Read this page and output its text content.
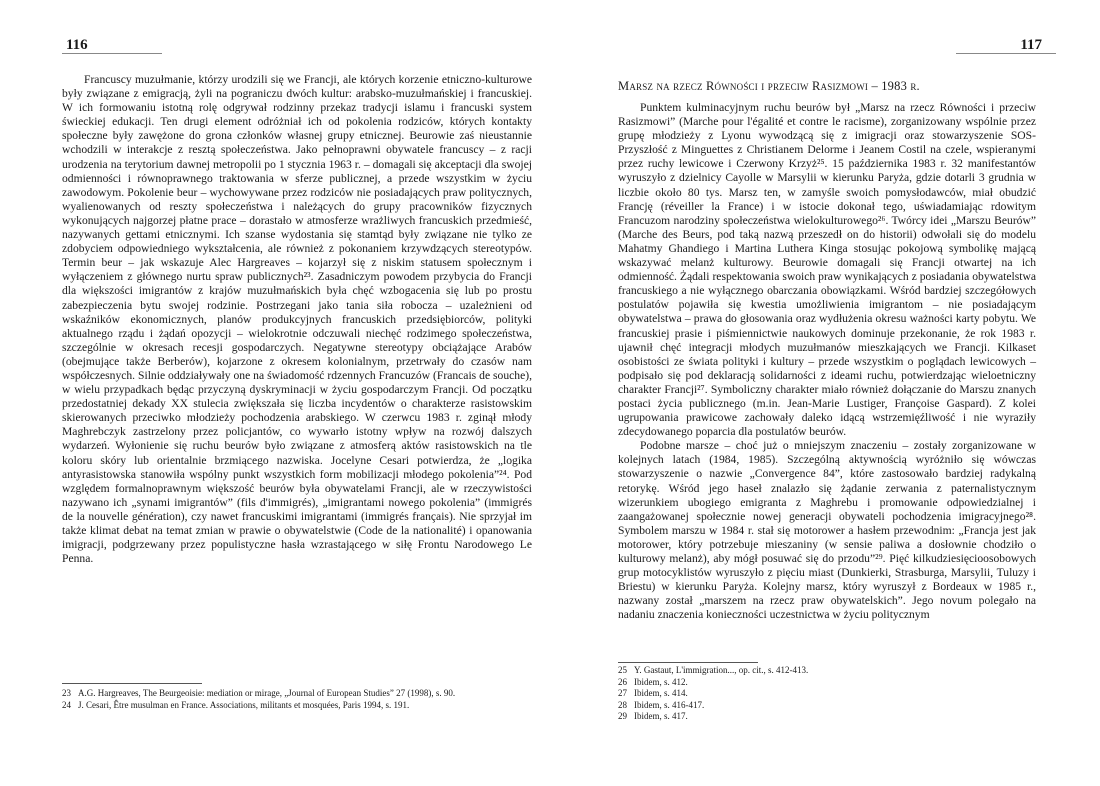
116

Francuscy muzułmanie, którzy urodzili się we Francji, ale których korzenie etniczno-kulturowe były związane z emigracją, żyli na pograniczu dwóch kultur: arabsko-muzułmańskiej i francuskiej. W ich formowaniu istotną rolę odgrywał rodzinny przekaz tradycji islamu i francuski system świeckiej edukacji. Ten drugi element odróżniał ich od pokolenia rodziców, których kontakty społeczne były zawężone do grona członków własnej grupy etnicznej. Beurowie zaś nieustannie wchodzili w interakcje z resztą społeczeństwa. Jako pełnoprawni obywatele francuscy – z racji urodzenia na terytorium dawnej metropolii po 1 stycznia 1963 r. – domagali się akceptacji dla swojej odmienności i równoprawnego traktowania w sferze publicznej, a przede wszystkim w życiu zawodowym. Pokolenie beur – wychowywane przez rodziców nie posiadających praw politycznych, wyalienowanych od reszty społeczeństwa i należących do grupy pracowników fizycznych wykonujących najgorzej płatne prace – dorastało w atmosferze wrażliwych francuskich przedmieść, nazywanych gettami etnicznymi. Ich szanse wydostania się stamtąd były związane nie tylko ze zdobyciem odpowiedniego wykształcenia, ale również z pokonaniem krzywdzących stereotypów. Termin beur – jak wskazuje Alec Hargreaves – kojarzył się z niskim statusem społecznym i wyłączeniem z głównego nurtu spraw publicznych²³. Zasadniczym powodem przybycia do Francji dla większości imigrantów z krajów muzułmańskich była chęć wzbogacenia się lub po prostu zabezpieczenia bytu swojej rodzinie. Postrzegani jako tania siła robocza – uzależnieni od wskaźników ekonomicznych, planów produkcyjnych francuskich przedsiębiorców, polityki aktualnego rządu i żądań opozycji – wielokrotnie odczuwali niechęć rodzimego społeczeństwa, szczególnie w okresach recesji gospodarczych. Negatywne stereotypy obciążające Arabów (obejmujące także Berberów), kojarzone z okresem kolonialnym, przetrwały do czasów nam współczesnych. Silnie oddziaływały one na świadomość rdzennych Francuzów (Francais de souche), w wielu przypadkach będąc przyczyną dyskryminacji w życiu gospodarczym Francji. Od początku przedostatniej dekady XX stulecia zwiększała się liczba incydentów o charakterze rasistowskim skierowanych przeciwko młodzieży pochodzenia arabskiego. W czerwcu 1983 r. zginął młody Maghrebczyk zastrzelony przez policjantów, co wywarło istotny wpływ na rozwój dalszych wydarzeń. Wyłonienie się ruchu beurów było związane z atmosferą aktów rasistowskich na tle koloru skóry lub orientalnie brzmiącego nazwiska. Jocelyne Cesari potwierdza, że „logika antyrasistowska stanowiła wspólny punkt wszystkich form mobilizacji młodego pokolenia”²⁴. Pod względem formalnoprawnym większość beurów była obywatelami Francji, ale w rzeczywistości nazywano ich „synami imigrantów” (fils d'immigrés), „imigrantami nowego pokolenia” (immigrés de la nouvelle génération), czy nawet francuskimi imigrantami (immigrés français). Nie sprzyjał im także klimat debat na temat zmian w prawie o obywatelstwie (Code de la nationalité) i opanowania imigracji, podgrzewany przez populistyczne hasła wzrastającego w siłę Frontu Narodowego Le Penna.

23 A.G. Hargreaves, The Beurgeoisie: mediation or mirage, „Journal of European Studies” 27 (1998), s. 90.
24 J. Cesari, Être musulman en France. Associations, militants et mosquées, Paris 1994, s. 191.
117
Marsz na rzecz Równości i przeciw Rasizmowi – 1983 r.

Punktem kulminacyjnym ruchu beurów był „Marsz na rzecz Równości i przeciw Rasizmowi” (Marche pour l'égalité et contre le racisme), zorganizowany wspólnie przez grupę młodzieży z Lyonu wywodzącą się z imigracji oraz stowarzyszenie SOS-Przyszłość z Minguettes z Christianem Delorme i Jeanem Costil na czele, wspieranymi przez ruchy lewicowe i Czerwony Krzyż²⁵. 15 października 1983 r. 32 manifestantów wyruszyło z dzielnicy Cayolle w Marsylii w kierunku Paryża, gdzie dotarli 3 grudnia w liczbie około 80 tys. Marsz ten, w zamyśle swoich pomysłodawców, miał obudzić Francję (réveiller la France) i w istocie dokonał tego, uświadamiając rdowitym Francuzom narodziny społeczeństwa wielokulturowego²⁶. Twórcy idei „Marszu Beurów” (Marche des Beurs, pod taką nazwą przeszedł on do historii) odwołali się do modelu Mahatmy Ghandiego i Martina Luthera Kinga stosując pokojową symbolikę mającą wskazywać melanż kulturowy. Beurowie domagali się Francji otwartej na ich odmienność. Żądali respektowania swoich praw wynikających z posiadania obywatelstwa francuskiego a nie wyłącznego obarczania obowiązkami. Wśród bardziej szczegółowych postulatów pojawiła się kwestia umożliwienia imigrantom – nie posiadającym obywatelstwa – prawa do głosowania oraz wydłużenia okresu ważności karty pobytu. We francuskiej prasie i piśmiennictwie naukowych dominuje przekonanie, że rok 1983 r. ujawnił chęć integracji młodych muzułmanów mieszkających we Francji. Kilkaset osobistości ze świata polityki i kultury – przede wszystkim o poglądach lewicowych – podpisało się pod deklaracją solidarności z ideami ruchu, potwierdzając wielоetniczny charakter Francji²⁷. Symboliczny charakter miało również dołączanie do Marszu znanych postaci życia publicznego (m.in. Jean-Marie Lustiger, Françoise Gaspard). Z kolei ugrupowania prawicowe zachowały daleko idącą wstrzemięźliwość i nie wyraziły zdecydowanego poparcia dla postulatów beurów.

Podobne marsze – choć już o mniejszym znaczeniu – zostały zorganizowane w kolejnych latach (1984, 1985). Szczególną aktywnością wyróżniło się wówczas stowarzyszenie o nazwie „Convergence 84”, które zastosowało bardziej radykalną retorykę. Wśród jego haseł znalazło się żądanie zerwania z paternalistycznym wizerunkiem ubogiego emigranta z Maghrebu i promowanie odpowiedzialnej i zaangażowanej społecznie nowej generacji obywateli pochodzenia imigracyjnego²⁸. Symbolem marszu w 1984 r. stał się motorower a hasłem przewodnim: „Francja jest jak motorower, który potrzebuje mieszaniny (w sensie paliwa a dosłownie chodziło o kulturowy melanż), aby mógł posuwać się do przodu”²⁹. Pięć kilkudziesięcioosobowych grup motocyklistów wyruszyło z pięciu miast (Dunkierki, Strasburga, Marsylii, Tuluzy i Briestu) w kierunku Paryża. Kolejny marsz, który wyruszył z Bordeaux w 1985 r., nazwany został „marszem na rzecz praw obywatelskich”. Jego novum polegało na nadaniu znaczenia konieczności uczestnictwa w życiu politycznym

25 Y. Gastaut, L'immigration..., op. cit., s. 412-413.
26 Ibidem, s. 412.
27 Ibidem, s. 414.
28 Ibidem, s. 416-417.
29 Ibidem, s. 417.
